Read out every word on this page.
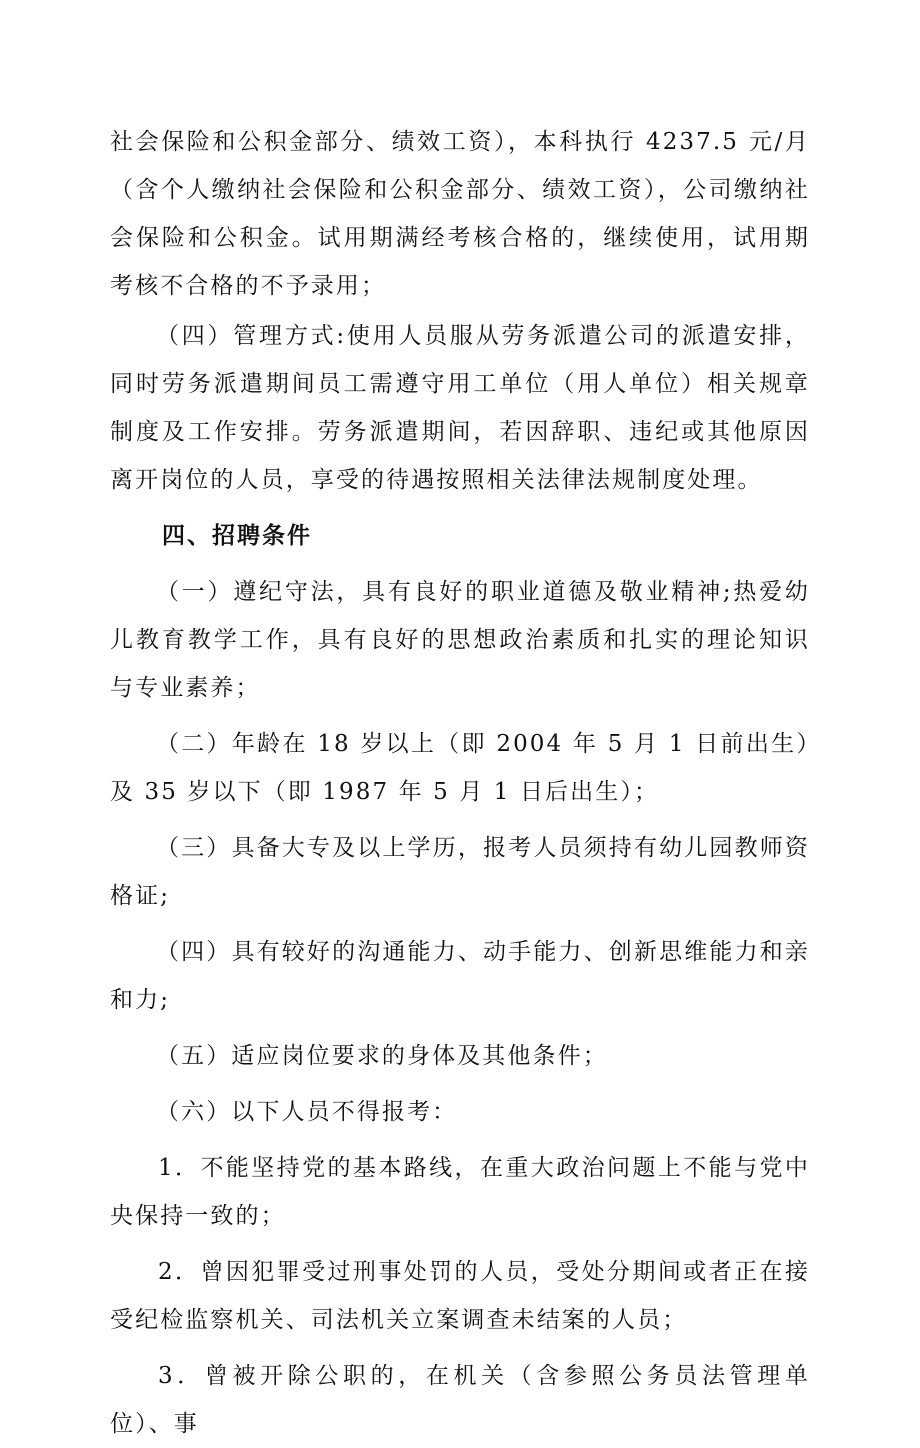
社会保险和公积金部分、绩效工资），本科执行 4237.5 元/月（含个人缴纳社会保险和公积金部分、绩效工资），公司缴纳社会保险和公积金。试用期满经考核合格的，继续使用，试用期考核不合格的不予录用；

（四）管理方式:使用人员服从劳务派遣公司的派遣安排，同时劳务派遣期间员工需遵守用工单位（用人单位）相关规章制度及工作安排。劳务派遣期间，若因辞职、违纪或其他原因离开岗位的人员，享受的待遇按照相关法律法规制度处理。

四、招聘条件

（一）遵纪守法，具有良好的职业道德及敬业精神;热爱幼儿教育教学工作，具有良好的思想政治素质和扎实的理论知识与专业素养；

（二）年龄在 18 岁以上（即 2004 年 5 月 1 日前出生）及 35 岁以下（即 1987 年 5 月 1 日后出生）；

（三）具备大专及以上学历，报考人员须持有幼儿园教师资格证;

（四）具有较好的沟通能力、动手能力、创新思维能力和亲和力;

（五）适应岗位要求的身体及其他条件；

（六）以下人员不得报考：

1．不能坚持党的基本路线，在重大政治问题上不能与党中央保持一致的；

2．曾因犯罪受过刑事处罚的人员，受处分期间或者正在接受纪检监察机关、司法机关立案调查未结案的人员；

3．曾被开除公职的，在机关（含参照公务员法管理单位）、事
